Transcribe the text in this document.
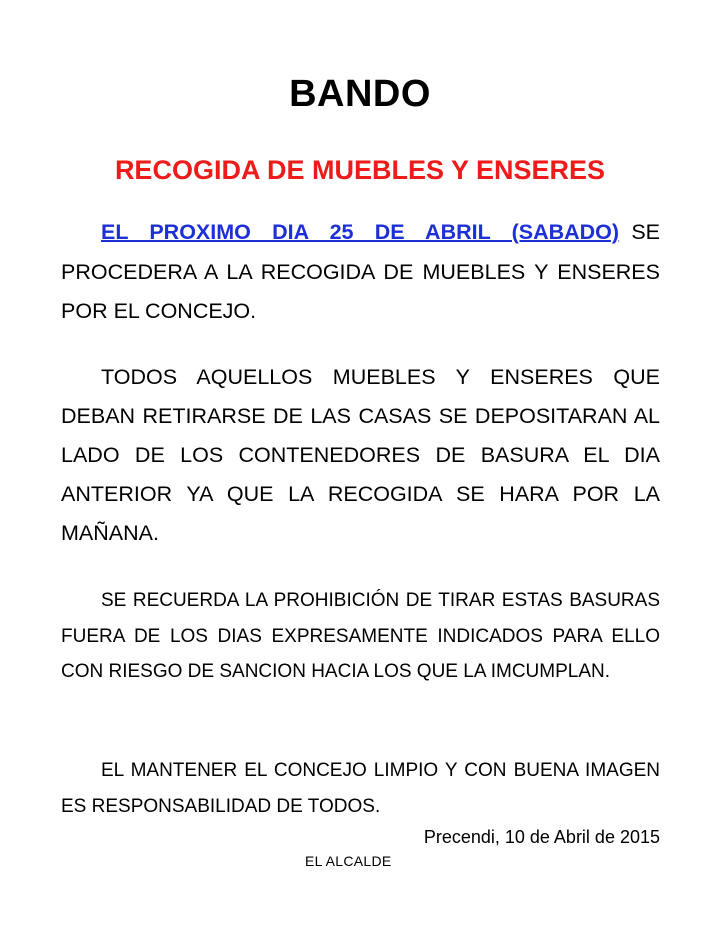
BANDO
RECOGIDA DE MUEBLES Y ENSERES
EL PROXIMO DIA 25 DE ABRIL (SABADO) SE PROCEDERA A LA RECOGIDA DE MUEBLES Y ENSERES POR EL CONCEJO.
TODOS AQUELLOS MUEBLES Y ENSERES QUE DEBAN RETIRARSE DE LAS CASAS SE DEPOSITARAN AL LADO DE LOS CONTENEDORES DE BASURA EL DIA ANTERIOR YA QUE LA RECOGIDA SE HARA POR LA MAÑANA.
SE RECUERDA LA PROHIBICIÓN DE TIRAR ESTAS BASURAS FUERA DE LOS DIAS EXPRESAMENTE INDICADOS PARA ELLO CON RIESGO DE SANCION HACIA LOS QUE LA IMCUMPLAN.
EL MANTENER EL CONCEJO LIMPIO Y CON BUENA IMAGEN ES RESPONSABILIDAD DE TODOS.
Precendi, 10 de Abril de 2015
EL ALCALDE
